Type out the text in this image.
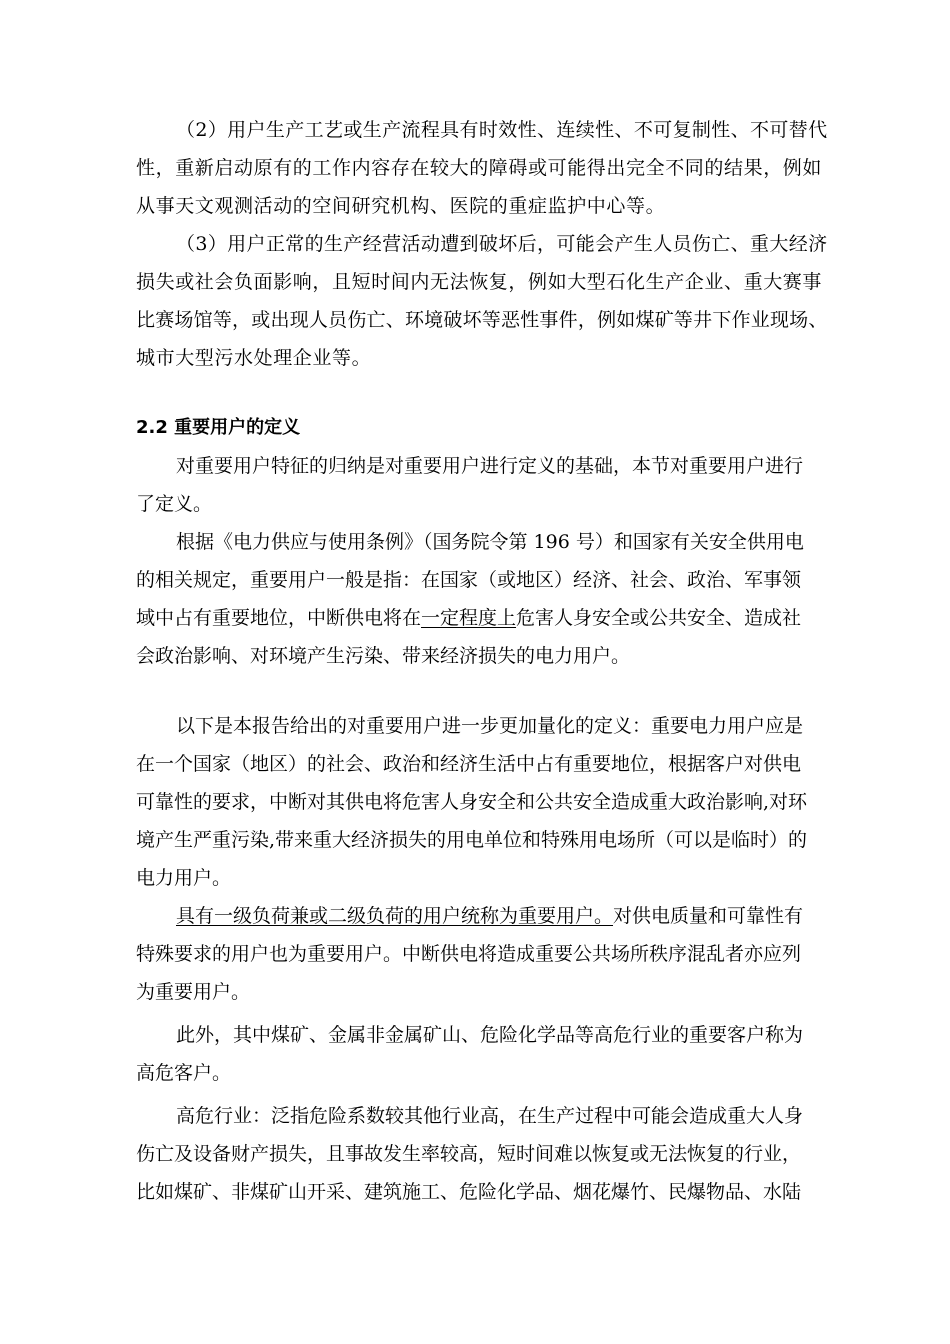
（2）用户生产工艺或生产流程具有时效性、连续性、不可复制性、不可替代
性，重新启动原有的工作内容存在较大的障碍或可能得出完全不同的结果，例如
从事天文观测活动的空间研究机构、医院的重症监护中心等。
（3）用户正常的生产经营活动遭到破坏后，可能会产生人员伤亡、重大经济
损失或社会负面影响，且短时间内无法恢复，例如大型石化生产企业、重大赛事
比赛场馆等，或出现人员伤亡、环境破坏等恶性事件，例如煤矿等井下作业现场、
城市大型污水处理企业等。
2.2 重要用户的定义
对重要用户特征的归纳是对重要用户进行定义的基础，本节对重要用户进行
了定义。
根据《电力供应与使用条例》（国务院令第 196 号）和国家有关安全供用电
的相关规定，重要用户一般是指：在国家（或地区）经济、社会、政治、军事领
域中占有重要地位，中断供电将在一定程度上危害人身安全或公共安全、造成社
会政治影响、对环境产生污染、带来经济损失的电力用户。
以下是本报告给出的对重要用户进一步更加量化的定义：重要电力用户应是
在一个国家（地区）的社会、政治和经济生活中占有重要地位，根据客户对供电
可靠性的要求，中断对其供电将危害人身安全和公共安全造成重大政治影响,对环
境产生严重污染,带来重大经济损失的用电单位和特殊用电场所（可以是临时）的
电力用户。
具有一级负荷兼或二级负荷的用户统称为重要用户。对供电质量和可靠性有
特殊要求的用户也为重要用户。中断供电将造成重要公共场所秩序混乱者亦应列
为重要用户。
此外，其中煤矿、金属非金属矿山、危险化学品等高危行业的重要客户称为
高危客户。
高危行业：泛指危险系数较其他行业高，在生产过程中可能会造成重大人身
伤亡及设备财产损失，且事故发生率较高，短时间难以恢复或无法恢复的行业，
比如煤矿、非煤矿山开采、建筑施工、危险化学品、烟花爆竹、民爆物品、水陆
